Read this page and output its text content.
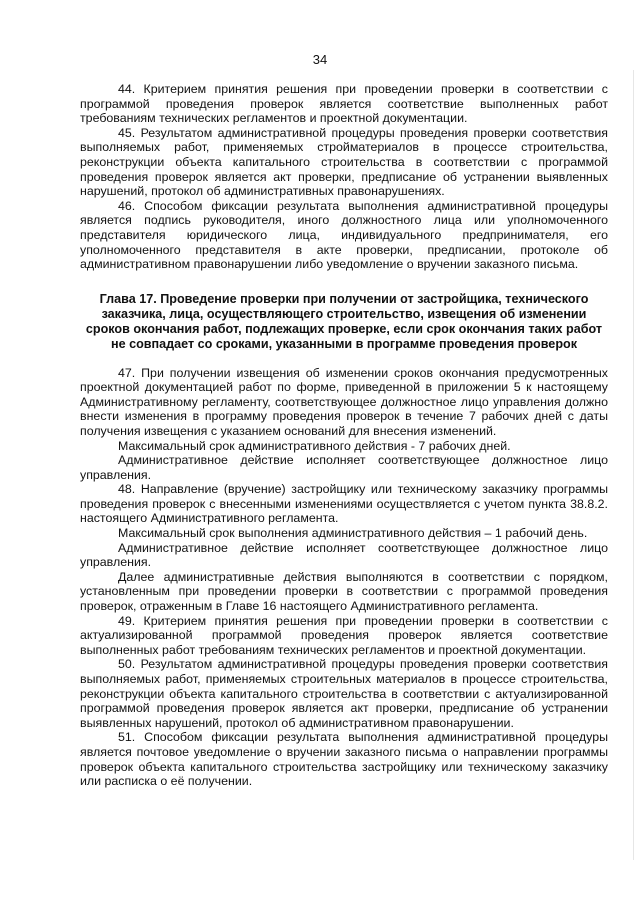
34

44. Критерием принятия решения при проведении проверки в соответствии с программой проведения проверок является соответствие выполненных работ требованиям технических регламентов и проектной документации.

45. Результатом административной процедуры проведения проверки соответствия выполняемых работ, применяемых стройматериалов в процессе строительства, реконструкции объекта капитального строительства в соответствии с программой проведения проверок является акт проверки, предписание об устранении выявленных нарушений, протокол об административных правонарушениях.

46. Способом фиксации результата выполнения административной процедуры является подпись руководителя, иного должностного лица или уполномоченного представителя юридического лица, индивидуального предпринимателя, его уполномоченного представителя в акте проверки, предписании, протоколе об административном правонарушении либо уведомление о вручении заказного письма.

Глава 17. Проведение проверки при получении от застройщика, технического заказчика, лица, осуществляющего строительство, извещения об изменении сроков окончания работ, подлежащих проверке, если срок окончания таких работ не совпадает со сроками, указанными в программе проведения проверок

47. При получении извещения об изменении сроков окончания предусмотренных проектной документацией работ по форме, приведенной в приложении 5 к настоящему Административному регламенту, соответствующее должностное лицо управления должно внести изменения в программу проведения проверок в течение 7 рабочих дней с даты получения извещения с указанием оснований для внесения изменений.

Максимальный срок административного действия - 7 рабочих дней.

Административное действие исполняет соответствующее должностное лицо управления.

48. Направление (вручение) застройщику или техническому заказчику программы проведения проверок с внесенными изменениями осуществляется с учетом пункта 38.8.2. настоящего Административного регламента.

Максимальный срок выполнения административного действия – 1 рабочий день.

Административное действие исполняет соответствующее должностное лицо управления.

Далее административные действия выполняются в соответствии с порядком, установленным при проведении проверки в соответствии с программой проведения проверок, отраженным в Главе 16 настоящего Административного регламента.

49. Критерием принятия решения при проведении проверки в соответствии с актуализированной программой проведения проверок является соответствие выполненных работ требованиям технических регламентов и проектной документации.

50. Результатом административной процедуры проведения проверки соответствия выполняемых работ, применяемых строительных материалов в процессе строительства, реконструкции объекта капитального строительства в соответствии с актуализированной программой проведения проверок является акт проверки, предписание об устранении выявленных нарушений, протокол об административном правонарушении.

51. Способом фиксации результата выполнения административной процедуры является почтовое уведомление о вручении заказного письма о направлении программы проверок объекта капитального строительства застройщику или техническому заказчику или расписка о её получении.
